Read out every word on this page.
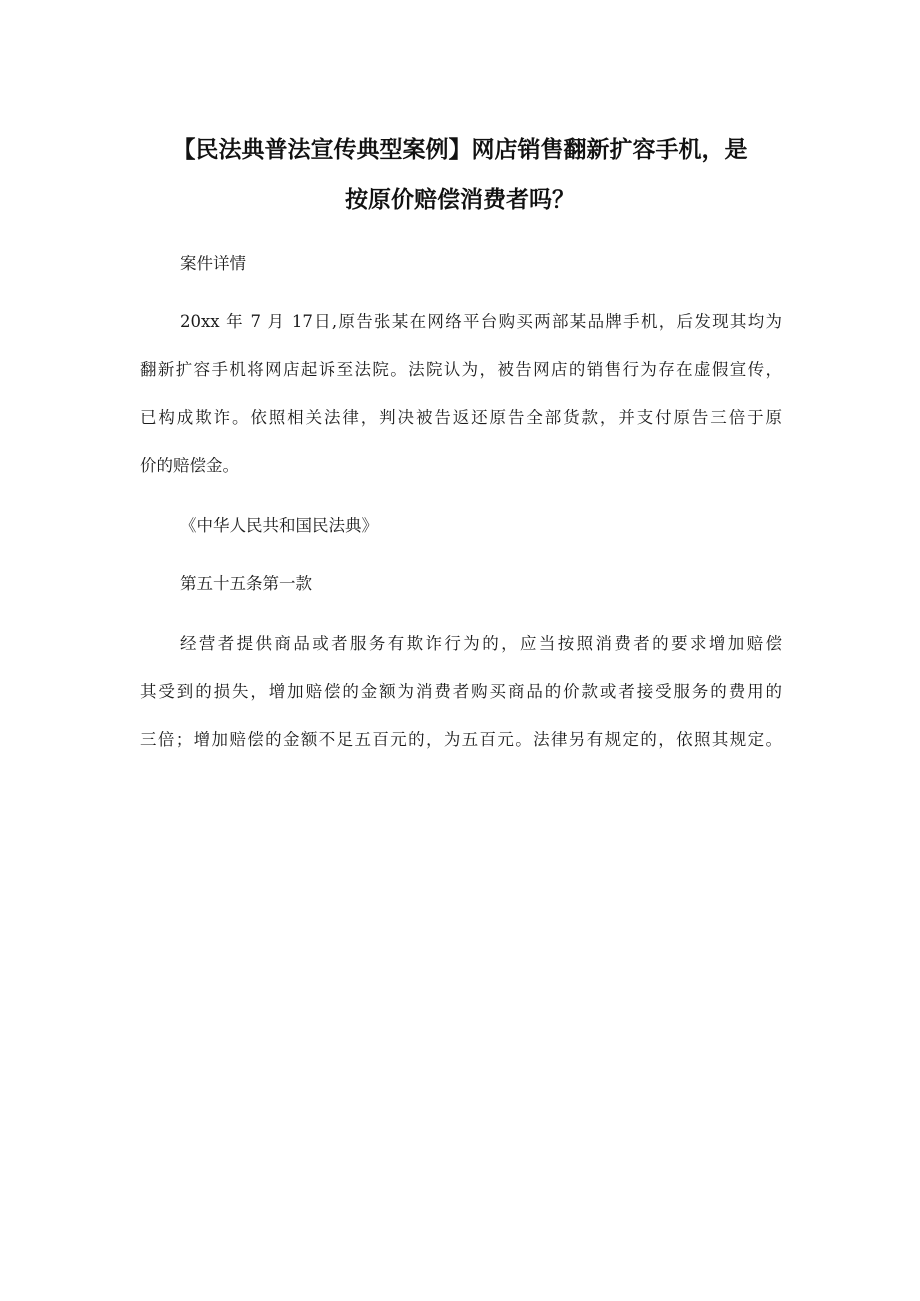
【民法典普法宣传典型案例】网店销售翻新扩容手机，是
按原价赔偿消费者吗？
案件详情
20xx 年 7 月 17日,原告张某在网络平台购买两部某品牌手机，后发现其均为
翻新扩容手机将网店起诉至法院。法院认为，被告网店的销售行为存在虚假宣传，
已构成欺诈。依照相关法律，判决被告返还原告全部货款，并支付原告三倍于原
价的赔偿金。
《中华人民共和国民法典》
第五十五条第一款
经营者提供商品或者服务有欺诈行为的，应当按照消费者的要求增加赔偿
其受到的损失，增加赔偿的金额为消费者购买商品的价款或者接受服务的费用的
三倍；增加赔偿的金额不足五百元的，为五百元。法律另有规定的，依照其规定。
